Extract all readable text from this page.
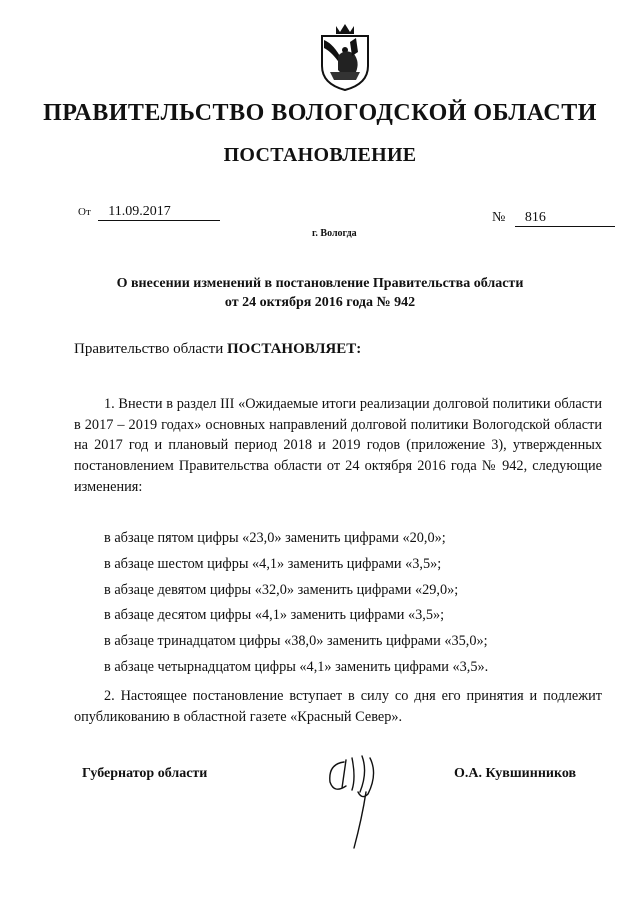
ПРАВИТЕЛЬСТВО ВОЛОГОДСКОЙ ОБЛАСТИ
ПОСТАНОВЛЕНИЕ
От 11.09.2017
г. Вологда
№ 816
О внесении изменений в постановление Правительства области
от 24 октября 2016 года № 942
Правительство области ПОСТАНОВЛЯЕТ:

1. Внести в раздел III «Ожидаемые итоги реализации долговой политики области в 2017 – 2019 годах» основных направлений долговой политики Вологодской области на 2017 год и плановый период 2018 и 2019 годов (приложение 3), утвержденных постановлением Правительства области от 24 октября 2016 года № 942, следующие изменения:

в абзаце пятом цифры «23,0» заменить цифрами «20,0»;
в абзаце шестом цифры «4,1» заменить цифрами «3,5»;
в абзаце девятом цифры «32,0» заменить цифрами «29,0»;
в абзаце десятом цифры «4,1» заменить цифрами «3,5»;
в абзаце тринадцатом цифры «38,0» заменить цифрами «35,0»;
в абзаце четырнадцатом цифры «4,1» заменить цифрами «3,5».

2. Настоящее постановление вступает в силу со дня его принятия и подлежит опубликованию в областной газете «Красный Север».

Губернатор области	О.А. Кувшинников
